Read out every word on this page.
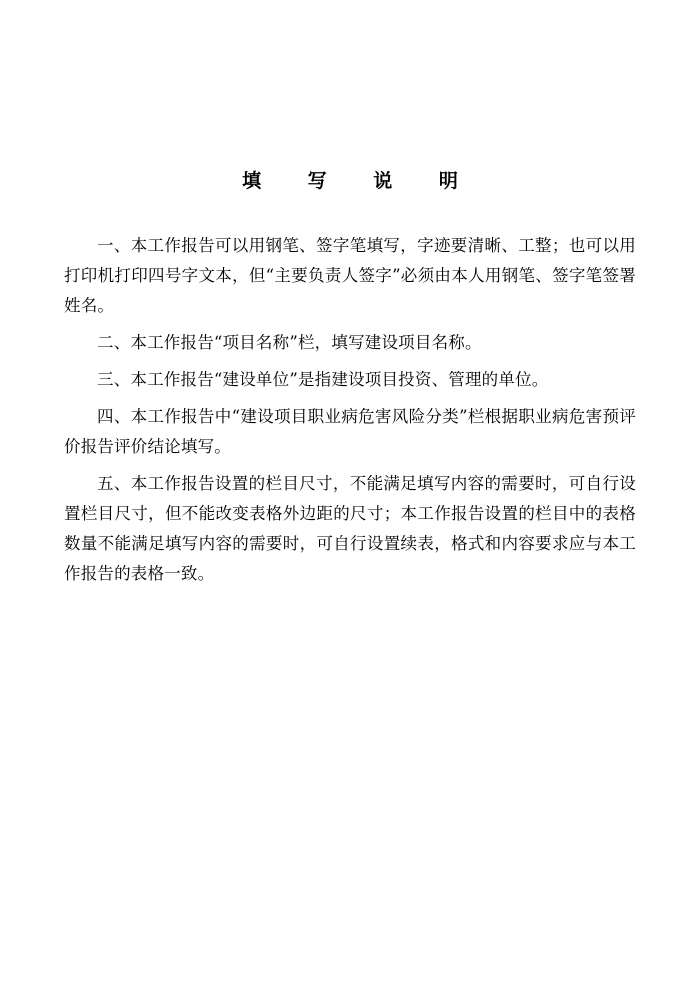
填 写 说 明

一、本工作报告可以用钢笔、签字笔填写，字迹要清晰、工整；也可以用打印机打印四号字文本，但“主要负责人签字”必须由本人用钢笔、签字笔签署姓名。

二、本工作报告“项目名称”栏，填写建设项目名称。

三、本工作报告“建设单位”是指建设项目投资、管理的单位。

四、本工作报告中“建设项目职业病危害风险分类”栏根据职业病危害预评价报告评价结论填写。

五、本工作报告设置的栏目尺寸，不能满足填写内容的需要时，可自行设置栏目尺寸，但不能改变表格外边距的尺寸；本工作报告设置的栏目中的表格数量不能满足填写内容的需要时，可自行设置续表，格式和内容要求应与本工作报告的表格一致。
